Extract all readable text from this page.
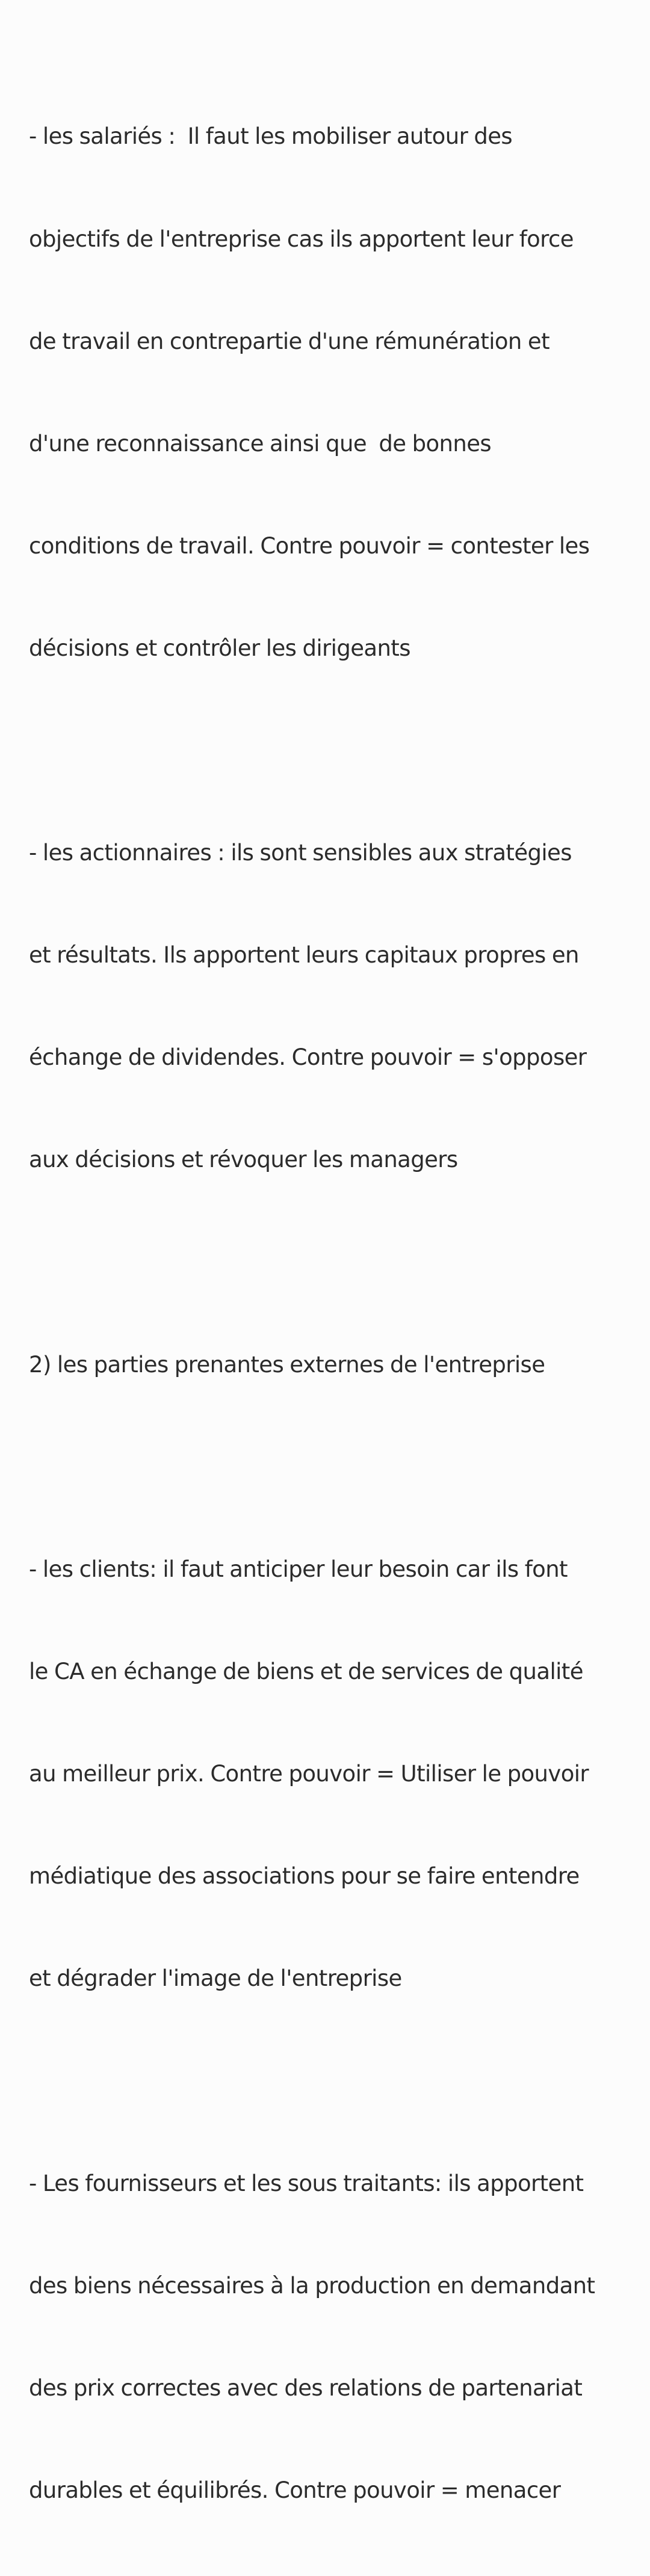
- les salariés :  Il faut les mobiliser autour des

objectifs de l'entreprise cas ils apportent leur force

de travail en contrepartie d'une rémunération et

d'une reconnaissance ainsi que  de bonnes

conditions de travail. Contre pouvoir = contester les

décisions et contrôler les dirigeants

- les actionnaires : ils sont sensibles aux stratégies

et résultats. Ils apportent leurs capitaux propres en

échange de dividendes. Contre pouvoir = s'opposer

aux décisions et révoquer les managers

2) les parties prenantes externes de l'entreprise

- les clients: il faut anticiper leur besoin car ils font

le CA en échange de biens et de services de qualité

au meilleur prix. Contre pouvoir = Utiliser le pouvoir

médiatique des associations pour se faire entendre

et dégrader l'image de l'entreprise

- Les fournisseurs et les sous traitants: ils apportent

des biens nécessaires à la production en demandant

des prix correctes avec des relations de partenariat

durables et équilibrés. Contre pouvoir = menacer
